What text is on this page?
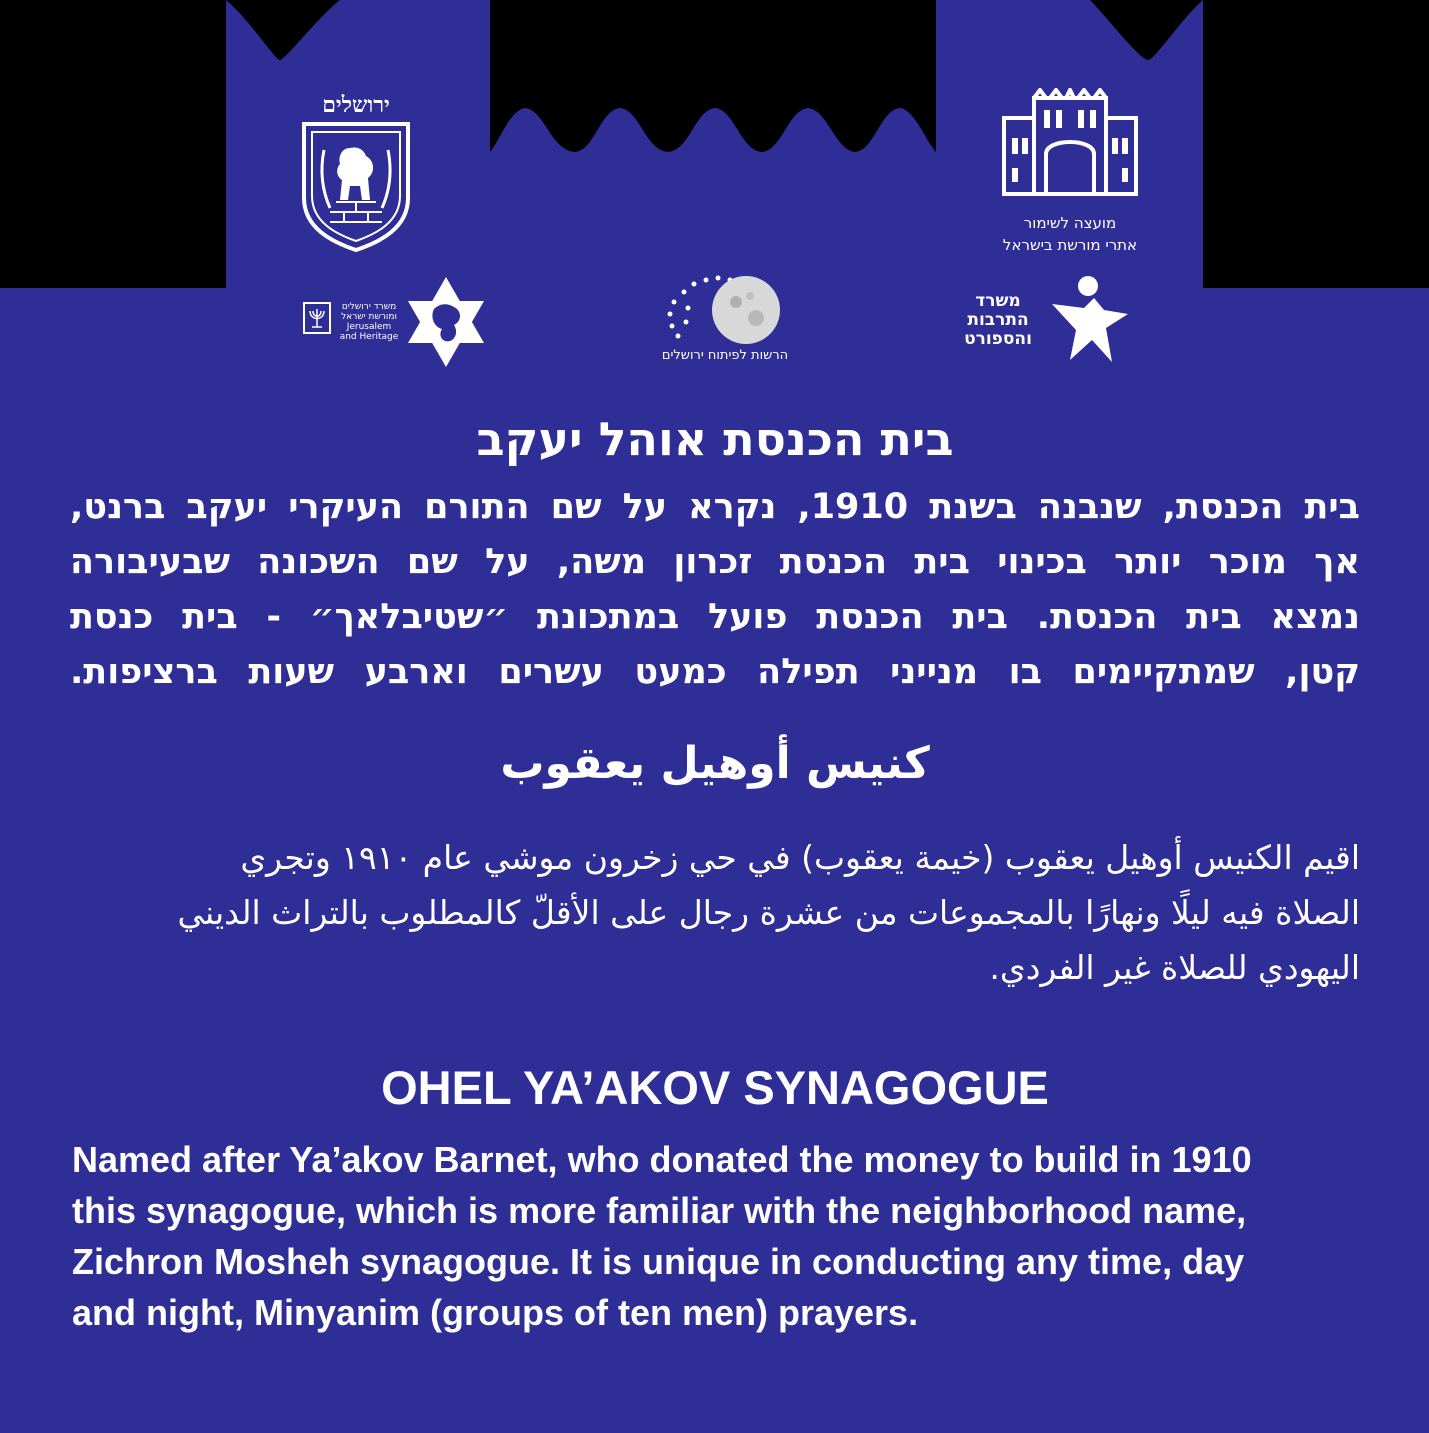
ירושלים
מועצה לשימור
אתרי מורשת בישראל
משרד ירושלים
ומורשת ישראל
Jerusalem
and Heritage
הרשות לפיתוח ירושלים
משרד
התרבות
והספורט
בית הכנסת אוהל יעקב
בית הכנסת, שנבנה בשנת 1910, נקרא על שם התורם העיקרי יעקב ברנט,
אך מוכר יותר בכינוי בית הכנסת זכרון משה, על שם השכונה שבעיבורה
נמצא בית הכנסת. בית הכנסת פועל במתכונת ״שטיבלאך״ - בית כנסת
קטן, שמתקיימים בו מנייני תפילה כמעט עשרים וארבע שעות ברציפות.
كنيس أوهيل يعقوب
اقيم الكنيس أوهيل يعقوب (خيمة يعقوب) في حي زخرون موشي عام ١٩١٠ وتجري
الصلاة فيه ليلًا ونهارًا بالمجموعات من عشرة رجال على الأقلّ كالمطلوب بالتراث الديني
اليهودي للصلاة غير الفردي.
OHEL YA’AKOV SYNAGOGUE
Named after Ya’akov Barnet, who donated the money to build in 1910
this synagogue, which is more familiar with the neighborhood name,
Zichron Mosheh synagogue. It is unique in conducting any time, day
and night, Minyanim (groups of ten men) prayers.
